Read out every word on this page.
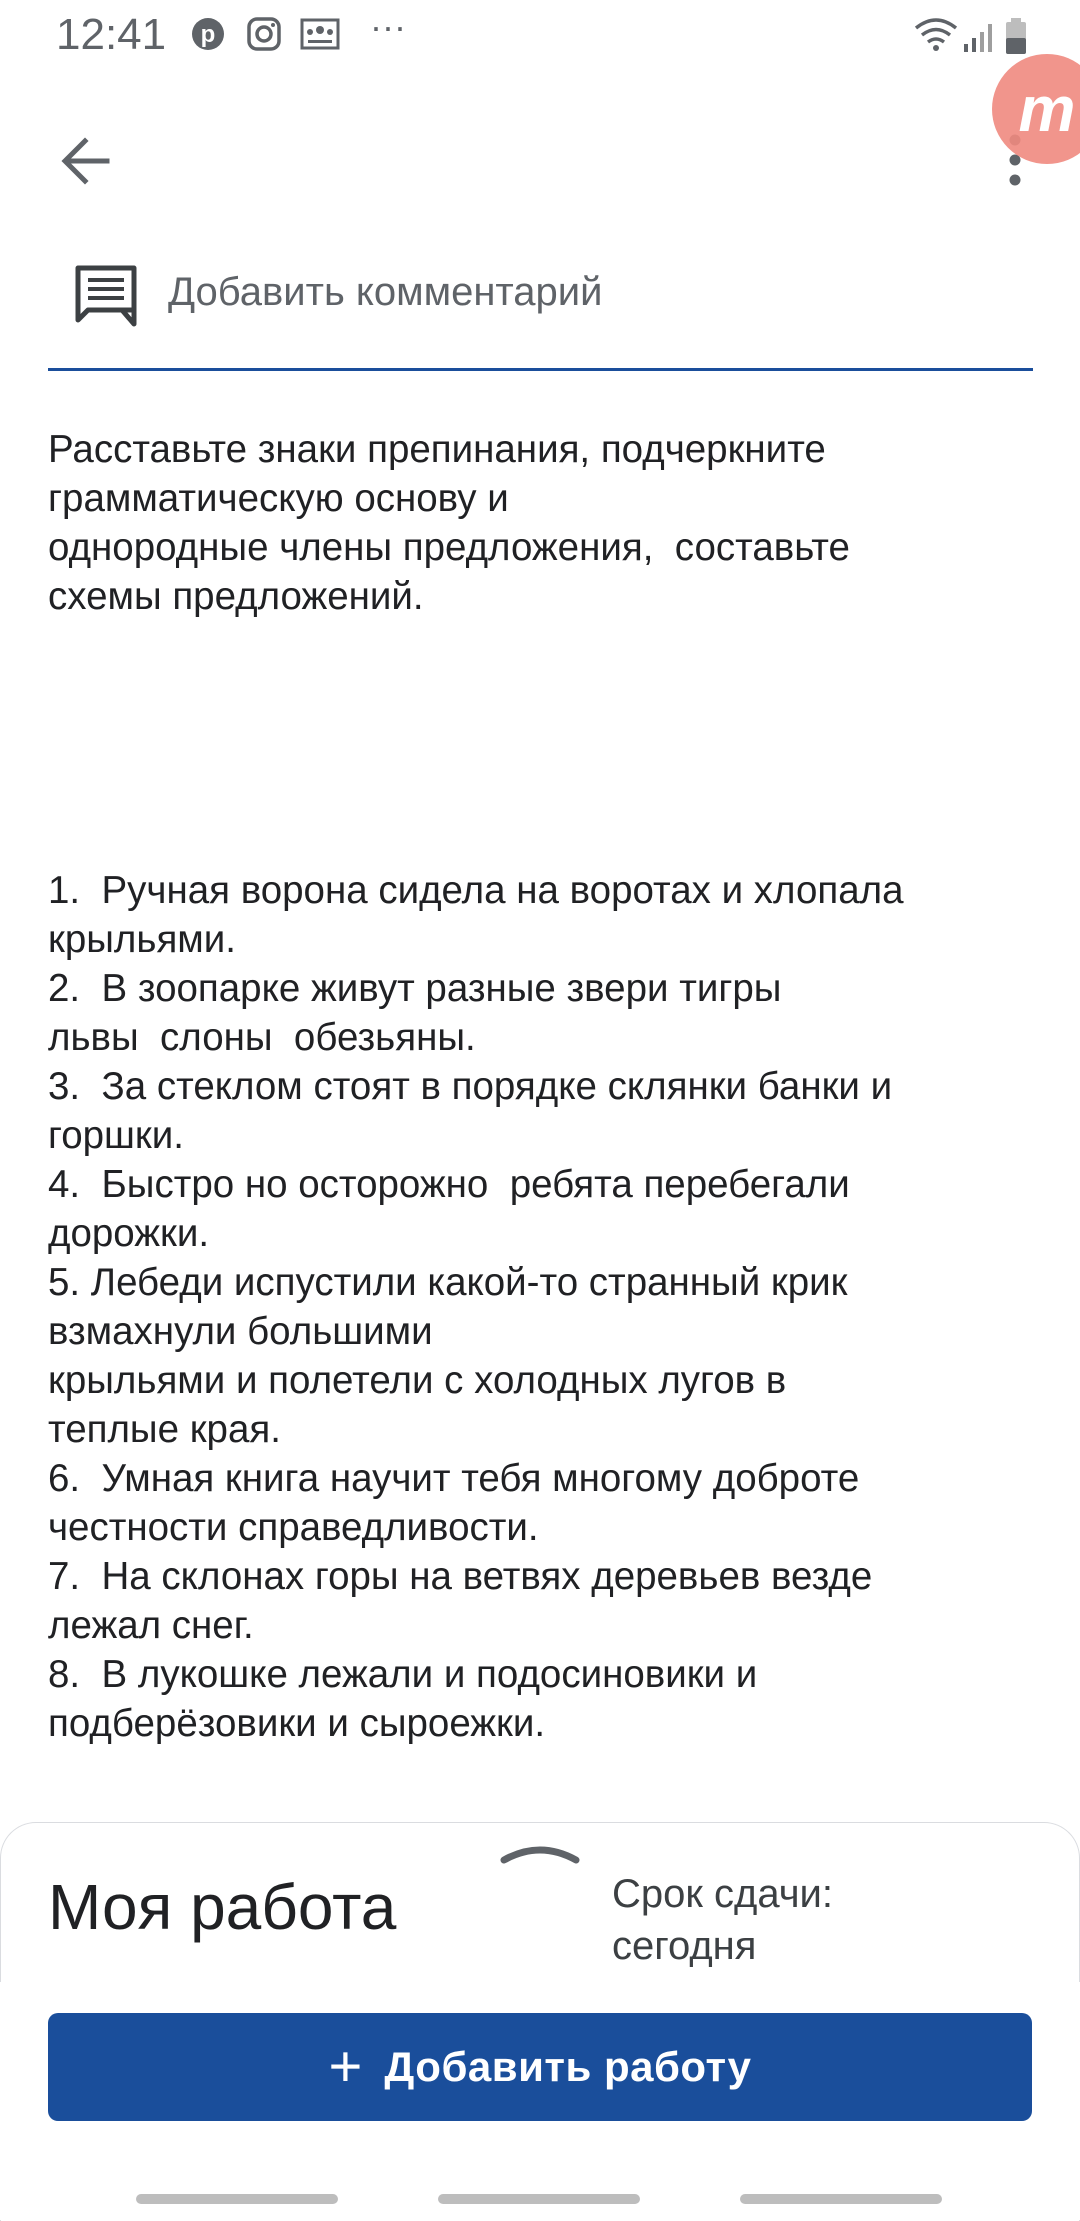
12:41 p	···
m
Добавить комментарий

Расставьте знаки препинания, подчеркните
грамматическую основу и
однородные члены предложения,  составьте
схемы предложений.

1.  Ручная ворона сидела на воротах и хлопала
крыльями.
2.  В зоопарке живут разные звери тигры
львы  слоны  обезьяны.
3.  За стеклом стоят в порядке склянки банки и
горшки.
4.  Быстро но осторожно  ребята перебегали
дорожки.
5. Лебеди испустили какой-то странный крик
взмахнули большими
крыльями и полетели с холодных лугов в
теплые края.
6.  Умная книга научит тебя многому доброте
честности справедливости.
7.  На склонах горы на ветвях деревьев везде
лежал снег.
8.  В лукошке лежали и подосиновики и
подберёзовики и сыроежки.

Моя работа	Срок сдачи:
сегодня
+ Добавить работу
